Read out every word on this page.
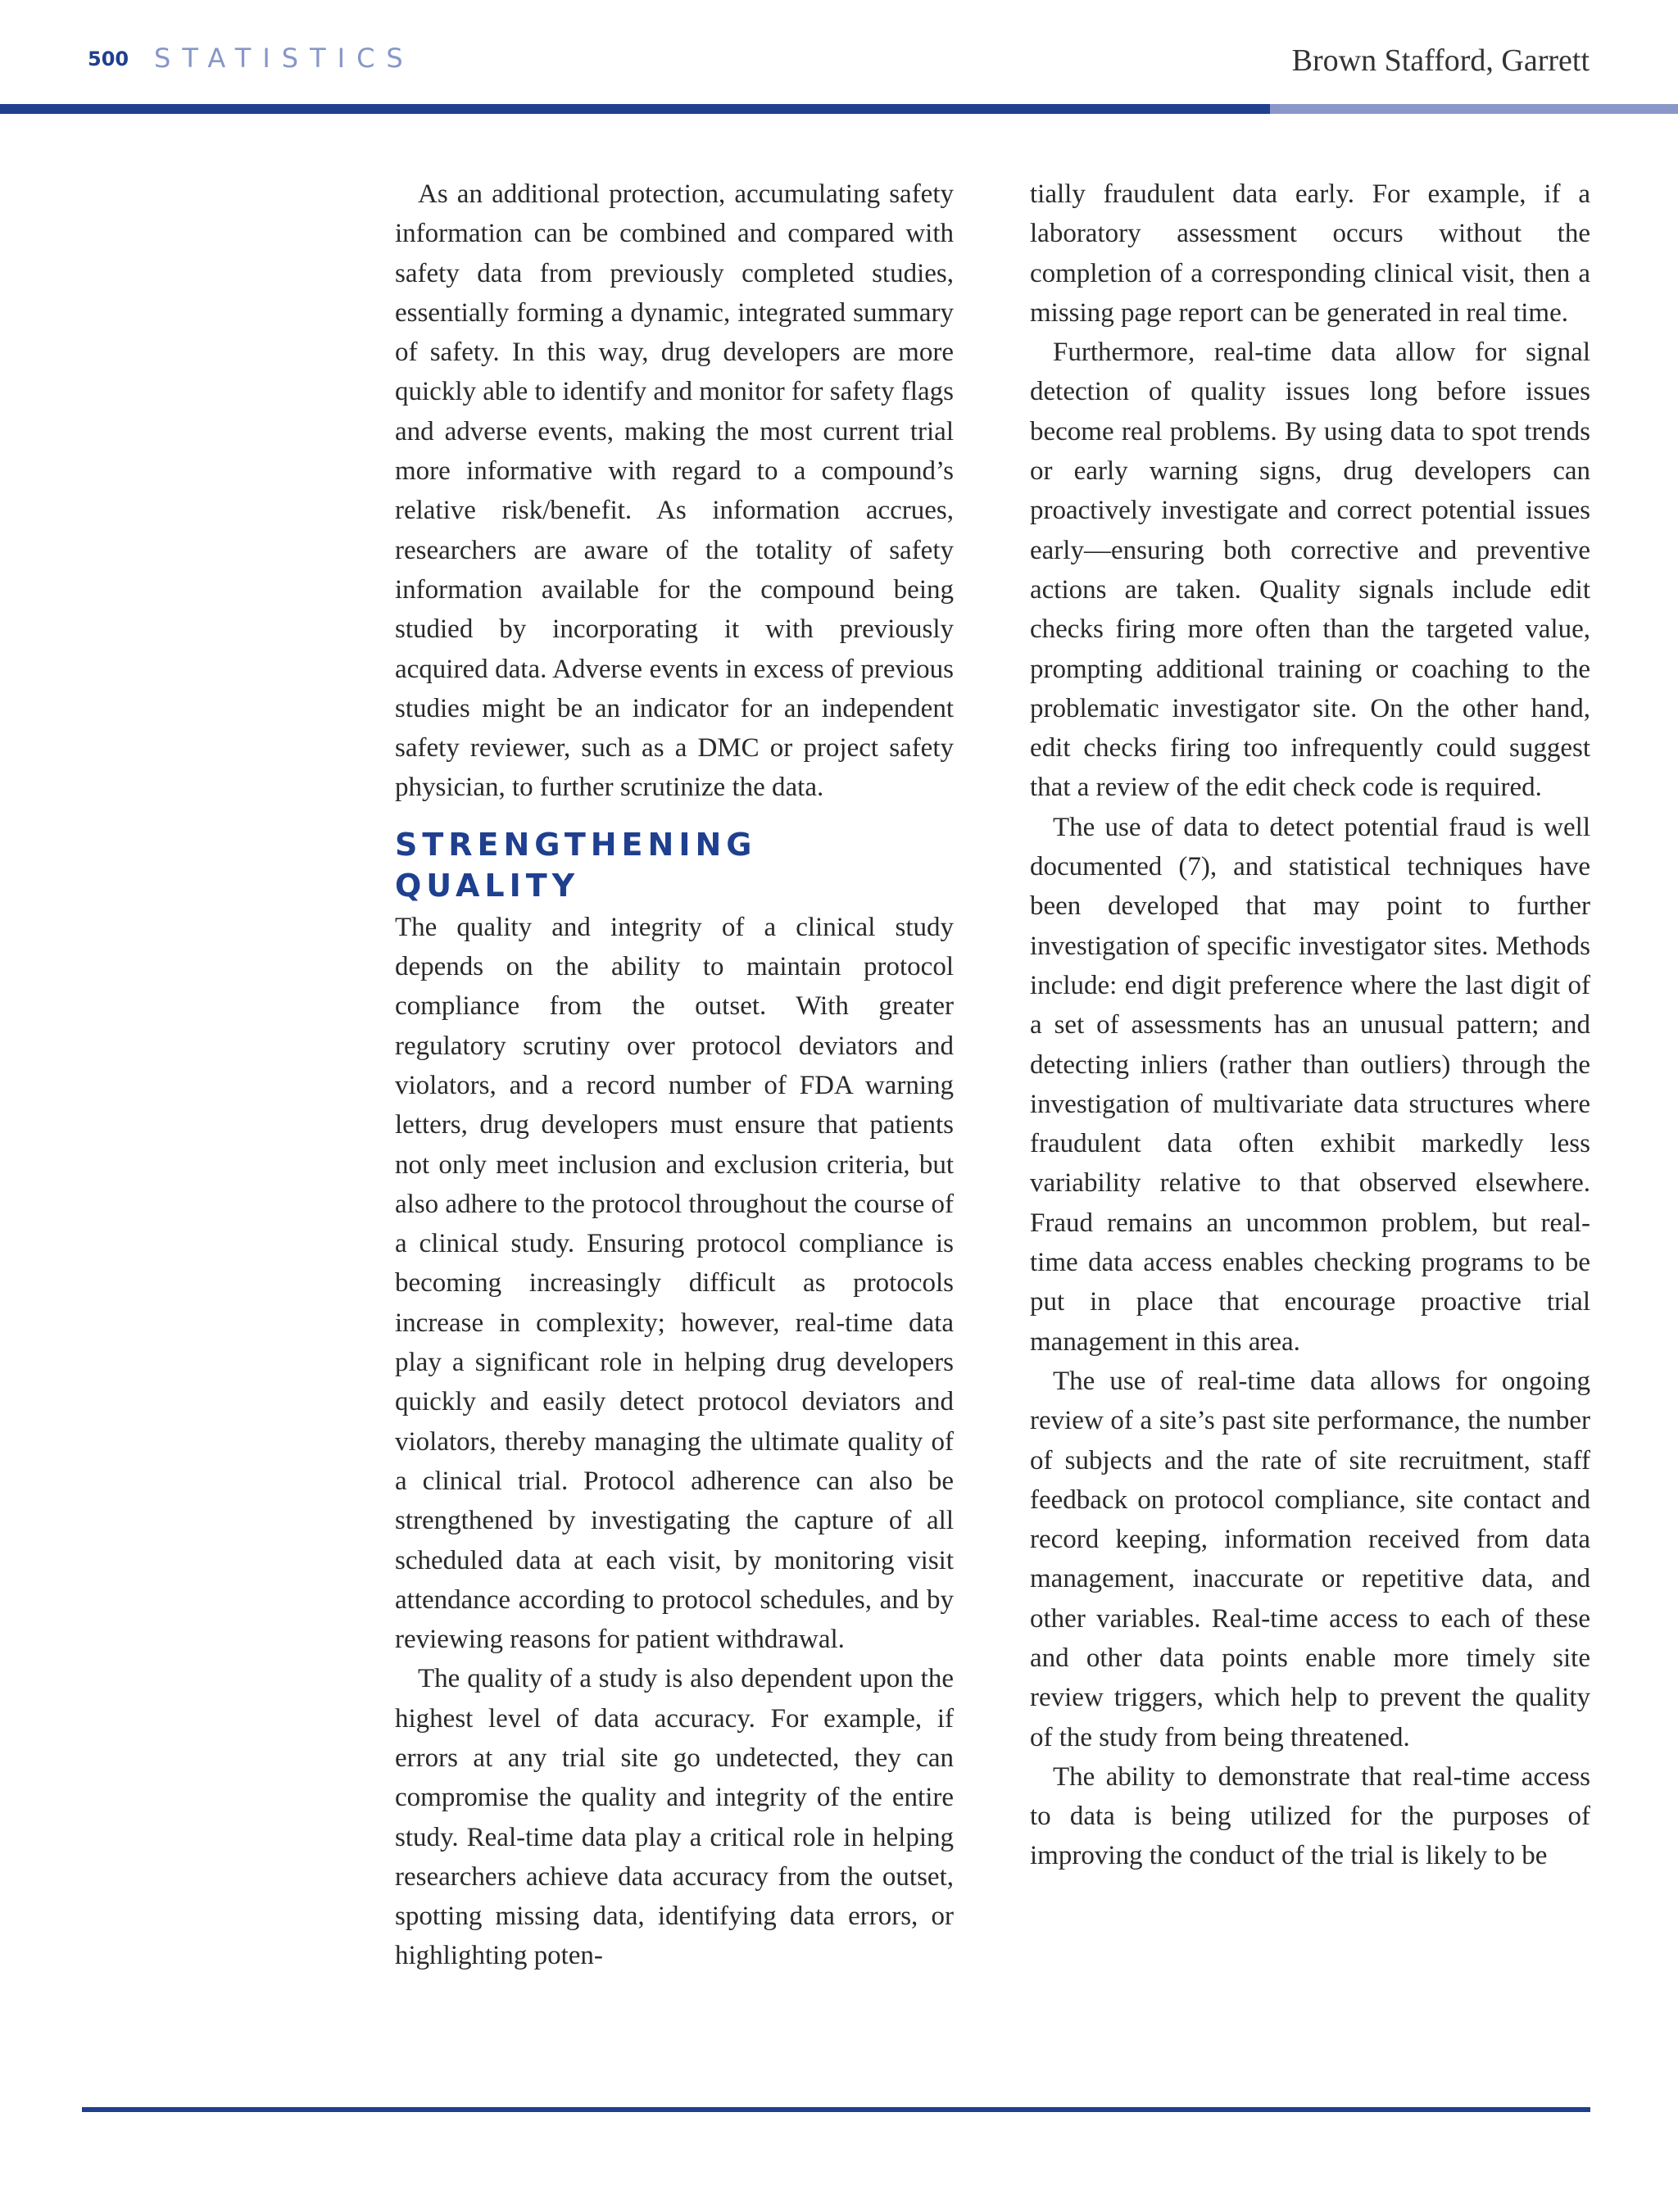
500 STATISTICS	Brown Stafford, Garrett

As an additional protection, accumulating safety information can be combined and compared with safety data from previously completed studies, essentially forming a dynamic, integrated summary of safety. In this way, drug developers are more quickly able to identify and monitor for safety flags and adverse events, making the most current trial more informative with regard to a compound’s relative risk/benefit. As information accrues, researchers are aware of the totality of safety information available for the compound being studied by incorporating it with previously acquired data. Adverse events in excess of previous studies might be an indicator for an independent safety reviewer, such as a DMC or project safety physician, to further scrutinize the data.

STRENGTHENING QUALITY

The quality and integrity of a clinical study depends on the ability to maintain protocol compliance from the outset. With greater regulatory scrutiny over protocol deviators and violators, and a record number of FDA warning letters, drug developers must ensure that patients not only meet inclusion and exclusion criteria, but also adhere to the protocol throughout the course of a clinical study. Ensuring protocol compliance is becoming increasingly difficult as protocols increase in complexity; however, real-time data play a significant role in helping drug developers quickly and easily detect protocol deviators and violators, thereby managing the ultimate quality of a clinical trial. Protocol adherence can also be strengthened by investigating the capture of all scheduled data at each visit, by monitoring visit attendance according to protocol schedules, and by reviewing reasons for patient withdrawal.

The quality of a study is also dependent upon the highest level of data accuracy. For example, if errors at any trial site go undetected, they can compromise the quality and integrity of the entire study. Real-time data play a critical role in helping researchers achieve data accuracy from the outset, spotting missing data, identifying data errors, or highlighting poten-

tially fraudulent data early. For example, if a laboratory assessment occurs without the completion of a corresponding clinical visit, then a missing page report can be generated in real time.

Furthermore, real-time data allow for signal detection of quality issues long before issues become real problems. By using data to spot trends or early warning signs, drug developers can proactively investigate and correct potential issues early—ensuring both corrective and preventive actions are taken. Quality signals include edit checks firing more often than the targeted value, prompting additional training or coaching to the problematic investigator site. On the other hand, edit checks firing too infrequently could suggest that a review of the edit check code is required.

The use of data to detect potential fraud is well documented (7), and statistical techniques have been developed that may point to further investigation of specific investigator sites. Methods include: end digit preference where the last digit of a set of assessments has an unusual pattern; and detecting inliers (rather than outliers) through the investigation of multivariate data structures where fraudulent data often exhibit markedly less variability relative to that observed elsewhere. Fraud remains an uncommon problem, but real-time data access enables checking programs to be put in place that encourage proactive trial management in this area.

The use of real-time data allows for ongoing review of a site’s past site performance, the number of subjects and the rate of site recruitment, staff feedback on protocol compliance, site contact and record keeping, information received from data management, inaccurate or repetitive data, and other variables. Real-time access to each of these and other data points enable more timely site review triggers, which help to prevent the quality of the study from being threatened.

The ability to demonstrate that real-time access to data is being utilized for the purposes of improving the conduct of the trial is likely to be
